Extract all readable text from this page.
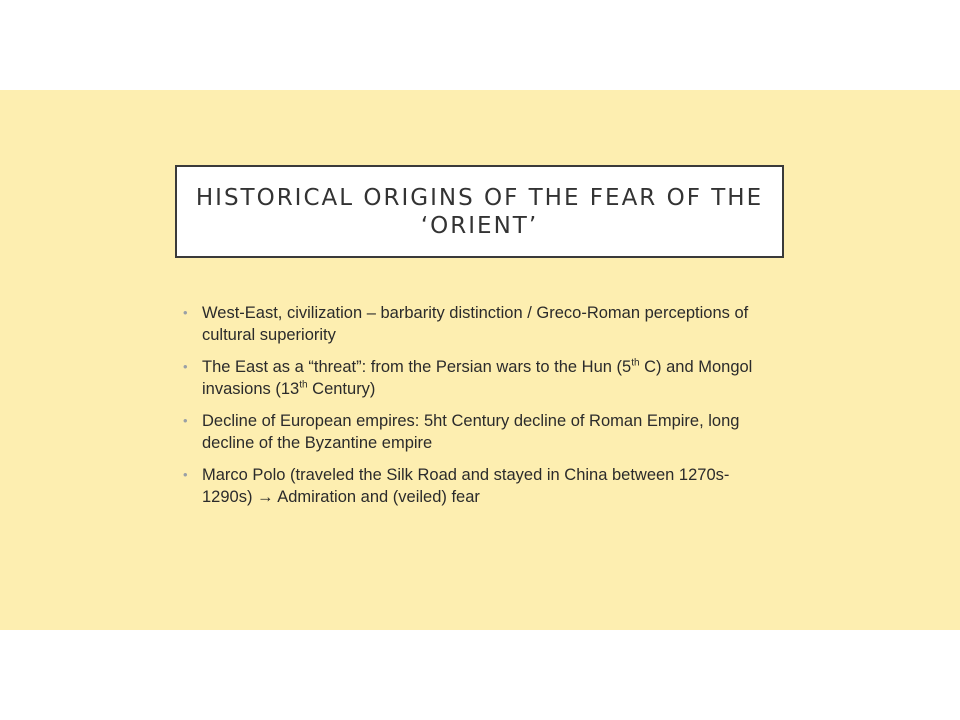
HISTORICAL ORIGINS OF THE FEAR OF THE ‘ORIENT’
• West-East, civilization – barbarity distinction / Greco-Roman perceptions of cultural superiority
• The East as a “threat”: from the Persian wars to the Hun (5th C) and Mongol invasions (13th Century)
• Decline of European empires: 5ht Century decline of Roman Empire, long decline of the Byzantine empire
• Marco Polo (traveled the Silk Road and stayed in China between 1270s-1290s) → Admiration and (veiled) fear
